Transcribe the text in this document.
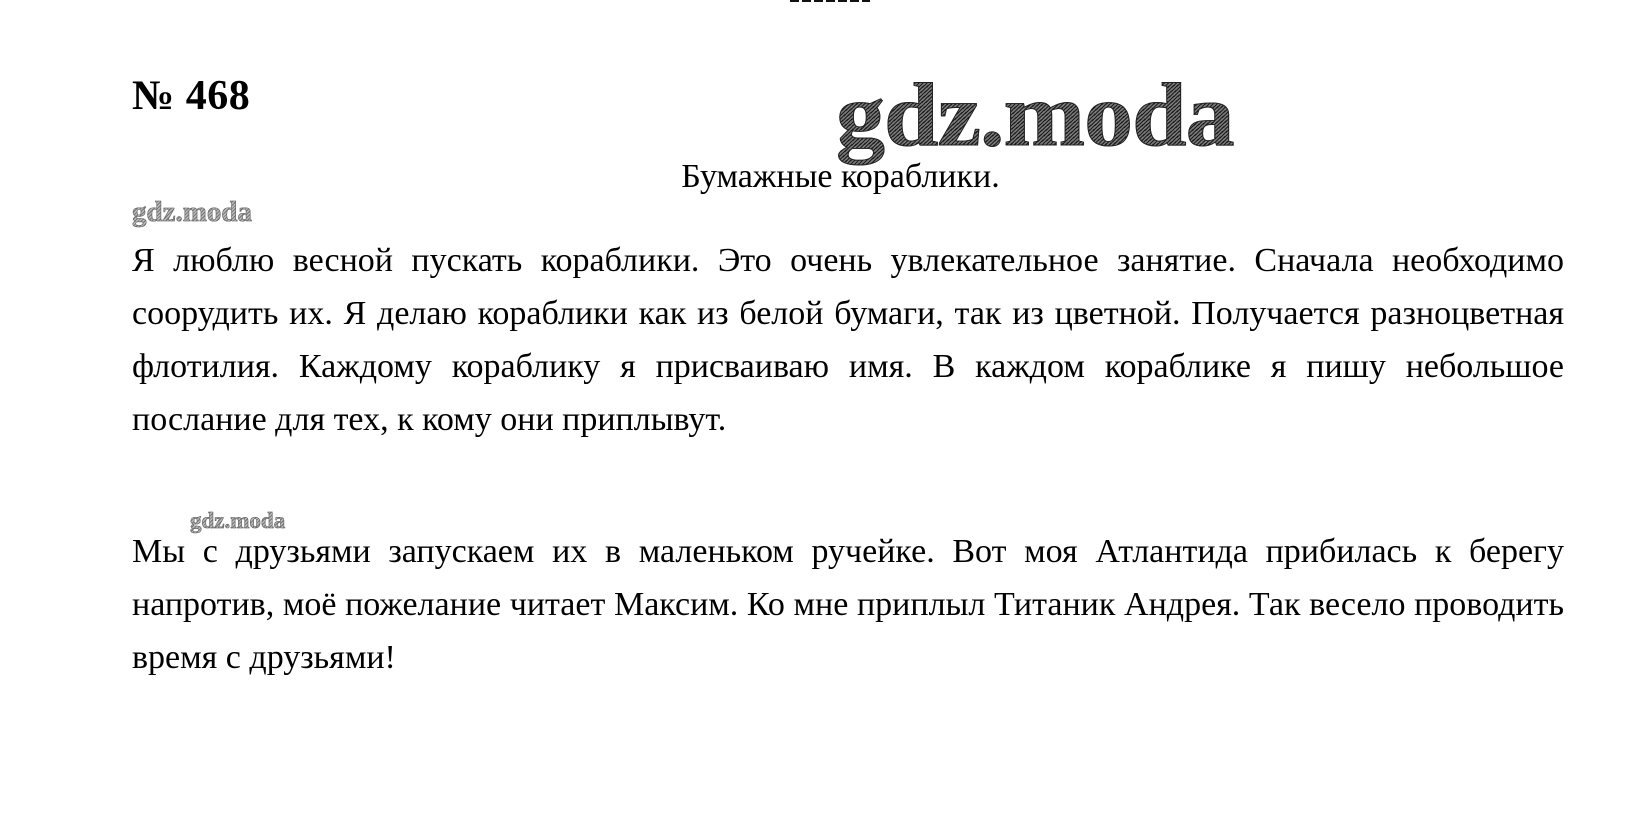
№ 468	gdz.moda
Бумажные кораблики.
gdz.moda

Я люблю весной пускать кораблики. Это очень увлекательное занятие. Сначала необходимо соорудить их. Я делаю кораблики как из белой бумаги, так из цветной. Получается разноцветная флотилия. Каждому кораблику я присваиваю имя. В каждом кораблике я пишу небольшое послание для тех, к кому они приплывут.

gdz.moda

Мы с друзьями запускаем их в маленьком ручейке. Вот моя Атлантида прибилась к берегу напротив, моё пожелание читает Максим. Ко мне приплыл Титаник Андрея. Так весело проводить время с друзьями!
